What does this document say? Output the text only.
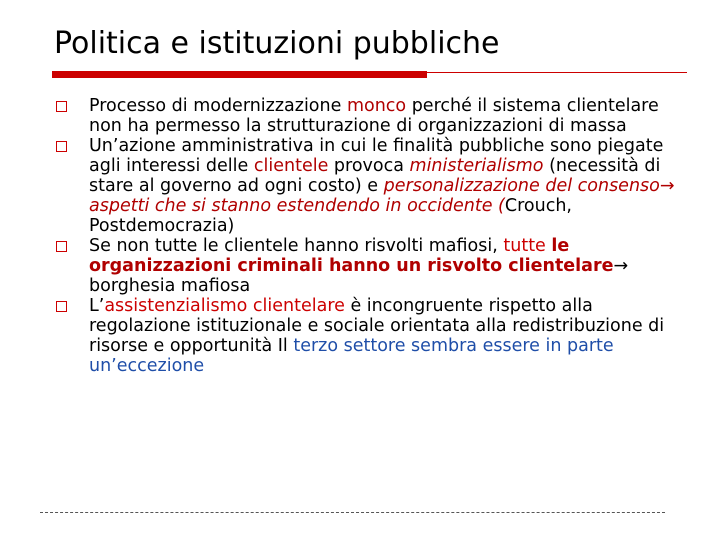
Politica e istituzioni pubbliche
Processo di modernizzazione monco perché il sistema clientelare non ha permesso la strutturazione di organizzazioni di massa
Un’azione amministrativa in cui le finalità pubbliche sono piegate agli interessi delle clientele provoca ministerialismo (necessità di stare al governo ad ogni costo) e personalizzazione del consenso→ aspetti che si stanno estendendo in occidente (Crouch, Postdemocrazia)
Se non tutte le clientele hanno risvolti mafiosi, tutte le organizzazioni criminali hanno un risvolto clientelare→ borghesia mafiosa
L’assistenzialismo clientelare è incongruente rispetto alla regolazione istituzionale e sociale orientata alla redistribuzione di risorse e opportunità Il terzo settore sembra essere in parte un’eccezione
